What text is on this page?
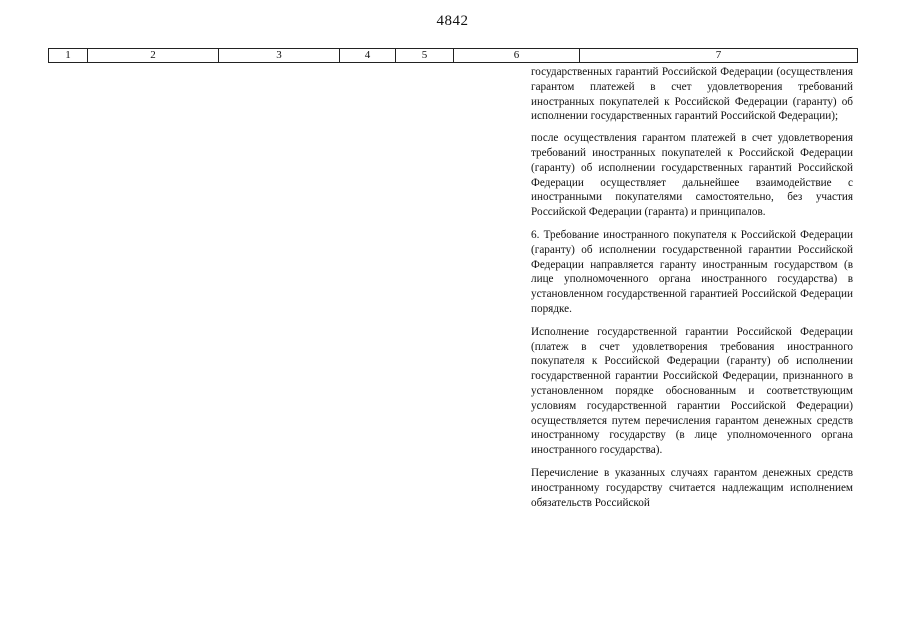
4842
1	2	3	4	5	6	7

государственных гарантий Российской Федерации (осуществления гарантом платежей в счет удовлетворения требований иностранных покупателей к Российской Федерации (гаранту) об исполнении государственных гарантий Российской Федерации);

после осуществления гарантом платежей в счет удовлетворения требований иностранных покупателей к Российской Федерации (гаранту) об исполнении государственных гарантий Российской Федерации осуществляет дальнейшее взаимодействие с иностранными покупателями самостоятельно, без участия Российской Федерации (гаранта) и принципалов.

6. Требование иностранного покупателя к Российской Федерации (гаранту) об исполнении государственной гарантии Российской Федерации направляется гаранту иностранным государством (в лице уполномоченного органа иностранного государства) в установленном государственной гарантией Российской Федерации порядке.

Исполнение государственной гарантии Российской Федерации (платеж в счет удовлетворения требования иностранного покупателя к Российской Федерации (гаранту) об исполнении государственной гарантии Российской Федерации, признанного в установленном порядке обоснованным и соответствующим условиям государственной гарантии Российской Федерации) осуществляется путем перечисления гарантом денежных средств иностранному государству (в лице уполномоченного органа иностранного государства).

Перечисление в указанных случаях гарантом денежных средств иностранному государству считается надлежащим исполнением обязательств Российской
